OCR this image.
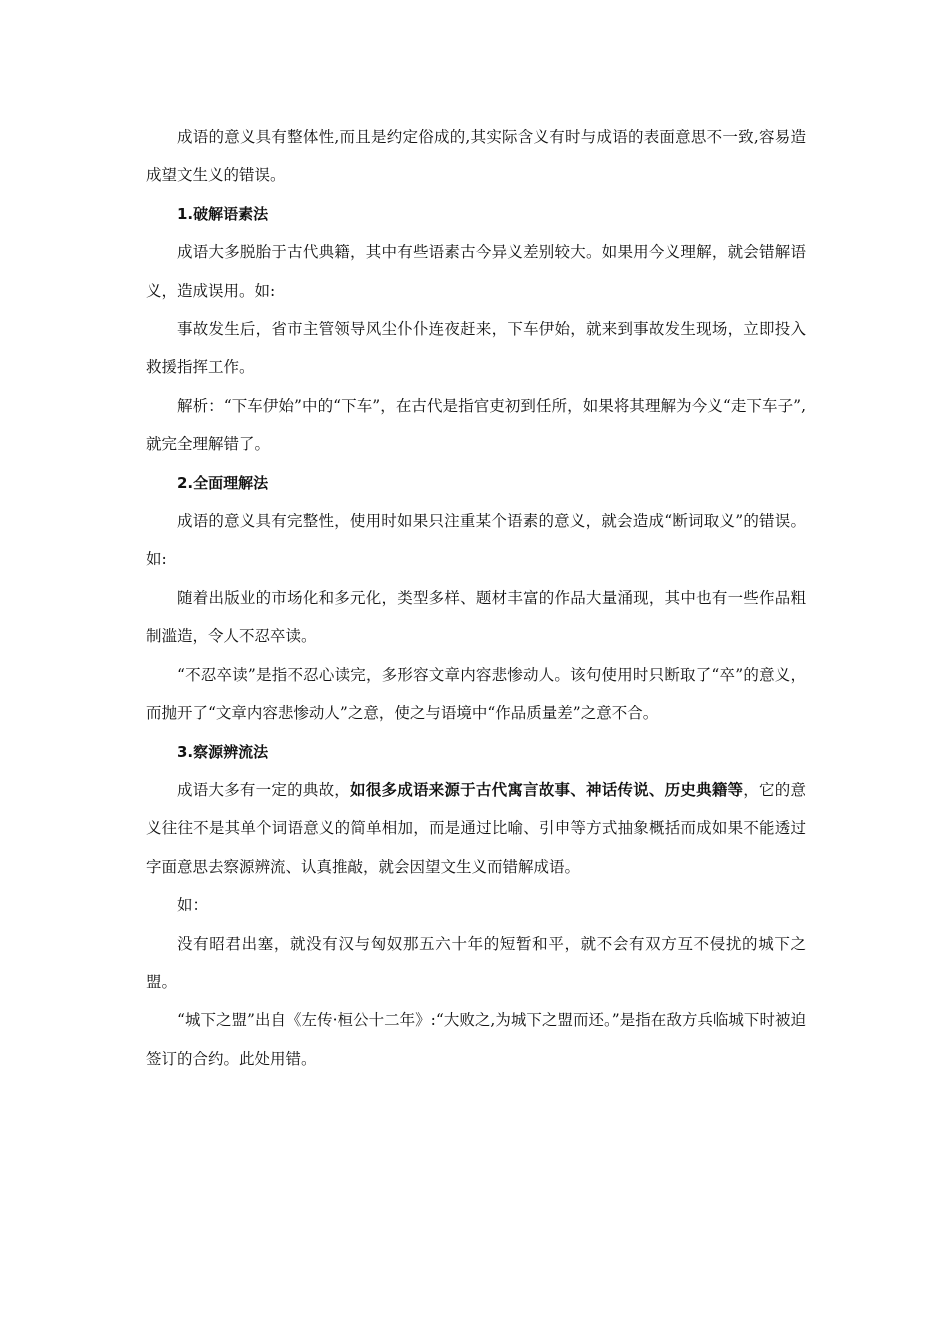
成语的意义具有整体性,而且是约定俗成的,其实际含义有时与成语的表面意思不一致,容易造成望文生义的错误。

1.破解语素法

成语大多脱胎于古代典籍，其中有些语素古今异义差别较大。如果用今义理解，就会错解语义，造成误用。如:

事故发生后，省市主管领导风尘仆仆连夜赶来，下车伊始，就来到事故发生现场，立即投入救援指挥工作。

解析：“下车伊始”中的“下车”，在古代是指官吏初到任所，如果将其理解为今义“走下车子”,就完全理解错了。

2.全面理解法

成语的意义具有完整性，使用时如果只注重某个语素的意义，就会造成“断词取义”的错误。如:

随着出版业的市场化和多元化，类型多样、题材丰富的作品大量涌现，其中也有一些作品粗制滥造，令人不忍卒读。

“不忍卒读”是指不忍心读完，多形容文章内容悲惨动人。该句使用时只断取了“卒”的意义，而抛开了“文章内容悲惨动人”之意，使之与语境中“作品质量差”之意不合。

3.察源辨流法

成语大多有一定的典故，如很多成语来源于古代寓言故事、神话传说、历史典籍等，它的意义往往不是其单个词语意义的简单相加，而是通过比喻、引申等方式抽象概括而成如果不能透过字面意思去察源辨流、认真推敲，就会因望文生义而错解成语。

如：

没有昭君出塞，就没有汉与匈奴那五六十年的短暂和平，就不会有双方互不侵扰的城下之盟。

“城下之盟”出自《左传·桓公十二年》:“大败之,为城下之盟而还。”是指在敌方兵临城下时被迫签订的合约。此处用错。
